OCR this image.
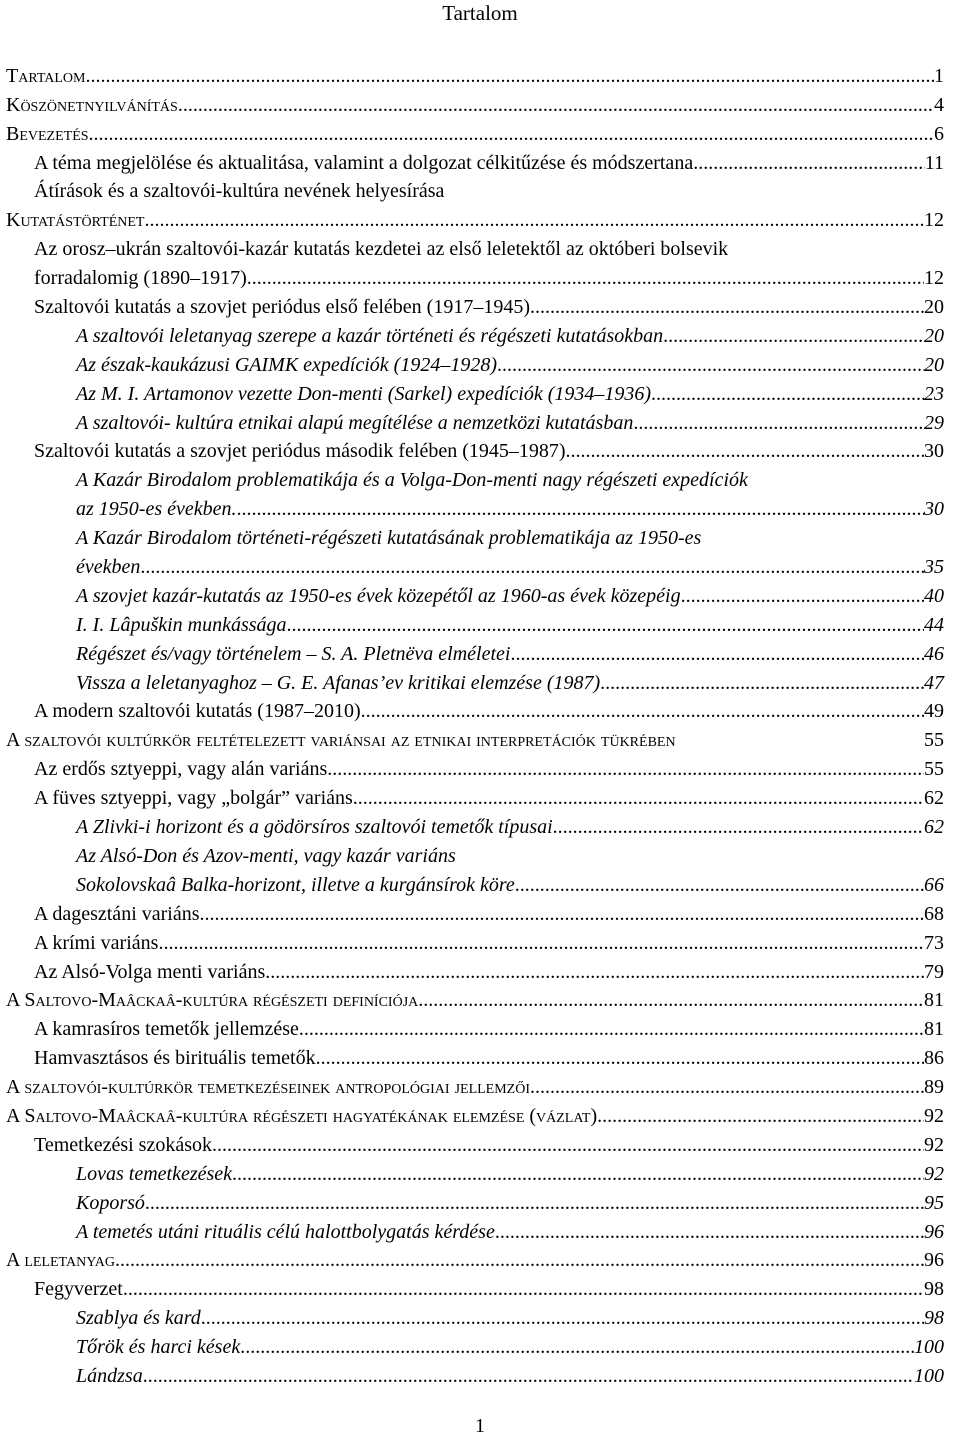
Tartalom
Tartalom .....	1
Köszönetnyilvánítás .....	4
Bevezetés .....	6
A téma megjelölése és aktualitása, valamint a dolgozat célkitűzése és módszertana .....	11
Átírások és a szaltovói-kultúra nevének helyesírása
Kutatástörténet .....	12
Az orosz–ukrán szaltovói-kazár kutatás kezdetei az első leletektől az októberi bolsevik
forradalomig (1890–1917) .....	12
Szaltovói kutatás a szovjet periódus első felében (1917–1945) .....	20
A szaltovói leletanyag szerepe a kazár történeti és régészeti kutatásokban .....	20
Az észak-kaukázusi GAIMK expedíciók (1924–1928) .....	20
Az M. I. Artamonov vezette Don-menti (Sarkel) expedíciók (1934–1936) .....	23
A szaltovói- kultúra etnikai alapú megítélése a nemzetközi kutatásban .....	29
Szaltovói kutatás a szovjet periódus második felében (1945–1987). .....	30
A Kazár Birodalom problematikája és a Volga-Don-menti nagy régészeti expedíciók
az 1950-es években. .....	30
A Kazár Birodalom történeti-régészeti kutatásának problematikája az 1950-es
években .....	35
A szovjet kazár-kutatás az 1950-es évek közepétől az 1960-as évek közepéig .....	40
I. I. Lâpuškin munkássága .....	44
Régészet és/vagy történelem – S. A. Pletnëva elméletei .....	46
Vissza a leletanyaghoz – G. E. Afanas’ev kritikai elemzése (1987) .....	47
A modern szaltovói kutatás (1987–2010) .....	49
A szaltovói kultúrkör feltételezett variánsai az etnikai interpretációk tükrében	55
Az erdős sztyeppi, vagy alán variáns .....	55
A füves sztyeppi, vagy „bolgár” variáns .....	62
A Zlivki-i horizont és a gödörsíros szaltovói temetők típusai .....	62
Az Alsó-Don és Azov-menti, vagy kazár variáns
Sokolovskaâ Balka-horizont, illetve a kurgánsírok köre .....	66
A dagesztáni variáns .....	68
A krími variáns .....	73
Az Alsó-Volga menti variáns .....	79
A Saltovo-Maâckaâ-kultúra régészeti definíciója .....	81
A kamrasíros temetők jellemzése .....	81
Hamvasztásos és birituális temetők .....	86
A szaltovói-kultúrkör temetkezéseinek antropológiai jellemzői .....	89
A Saltovo-Maâckaâ-kultúra régészeti hagyatékának elemzése (vázlat) .....	92
Temetkezési szokások .....	92
Lovas temetkezések .....	92
Koporsó .....	95
A temetés utáni rituális célú halottbolygatás kérdése .....	96
A leletanyag .....	96
Fegyverzet .....	98
Szablya és kard .....	98
Tőrök és harci kések .....	100
Lándzsa .....	100
1
